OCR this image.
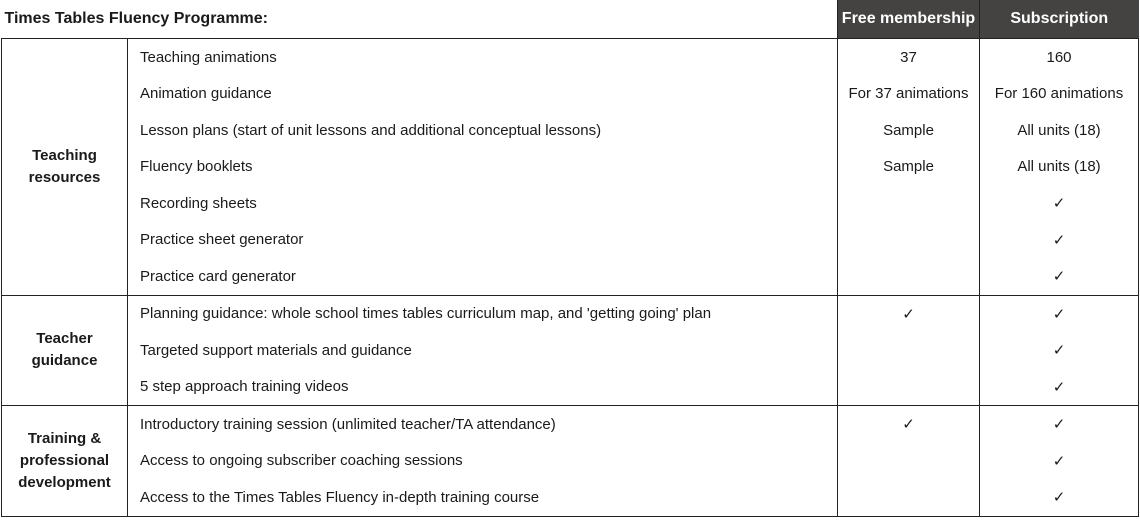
Times Tables Fluency Programme:		Free membership	Subscription
Teaching resources	Teaching animations	37	160
	Animation guidance	For 37 animations	For 160 animations
	Lesson plans (start of unit lessons and additional conceptual lessons)	Sample	All units (18)
	Fluency booklets	Sample	All units (18)
	Recording sheets		✓
	Practice sheet generator		✓
	Practice card generator		✓
Teacher guidance	Planning guidance: whole school times tables curriculum map, and 'getting going' plan	✓	✓
	Targeted support materials and guidance		✓
	5 step approach training videos		✓
Training & professional development	Introductory training session (unlimited teacher/TA attendance)	✓	✓
	Access to ongoing subscriber coaching sessions		✓
	Access to the Times Tables Fluency in-depth training course		✓
